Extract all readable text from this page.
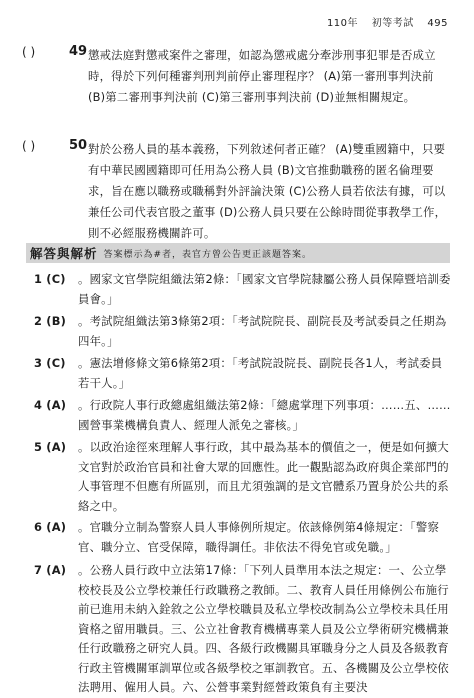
110年 初等考試 495
( )	49 懲戒法庭對懲戒案件之審理，如認為懲戒處分牽涉刑事犯罪是否成立時，得於下列何種審判刑判前停止審理程序？ (A)第一審刑事判決前 (B)第二審刑事判決前 (C)第三審刑事判決前 (D)並無相關規定。
( )	50 對於公務人員的基本義務，下列敘述何者正確？ (A)雙重國籍中，只要有中華民國國籍即可任用為公務人員 (B)文官推動職務的匿名倫理要求，旨在應以職務或職稱對外評論決策 (C)公務人員若依法有據，可以兼任公司代表官股之董事 (D)公務人員只要在公餘時間從事教學工作，則不必經服務機關許可。
解答與解析 答案標示為#者，表官方曾公告更正該題答案。
1 (C) 。國家文官學院組織法第2條：「國家文官學院隸屬公務人員保障暨培訓委員會。」
2 (B) 。考試院組織法第3條第2項：「考試院院長、副院長及考試委員之任期為四年。」
3 (C) 。憲法增修條文第6條第2項：「考試院設院長、副院長各1人，考試委員若干人。」
4 (A) 。行政院人事行政總處組織法第2條：「總處掌理下列事項：……五、……國營事業機構負責人、經理人派免之審核。」
5 (A) 。以政治途徑來理解人事行政，其中最為基本的價值之一，便是如何擴大文官對於政治官員和社會大眾的回應性。此一觀點認為政府與企業部門的人事管理不但應有所區別，而且尤須強調的是文官體系乃置身於公共的系絡之中。
6 (A) 。官職分立制為警察人員人事條例所規定。依該條例第4條規定：「警察官、職分立、官受保障，職得調任。非依法不得免官或免職。」
7 (A) 。公務人員行政中立法第17條：「下列人員準用本法之規定：一、公立學校校長及公立學校兼任行政職務之教師。二、教育人員任用條例公布施行前已進用未納入銓敘之公立學校職員及私立學校改制為公立學校未具任用資格之留用職員。三、公立社會教育機構專業人員及公立學術研究機構兼任行政職務之研究人員。四、各級行政機關具軍職身分之人員及各級教育行政主管機關軍訓單位或各級學校之軍訓教官。五、各機關及公立學校依法聘用、僱用人員。六、公營事業對經營政策負有主要決
